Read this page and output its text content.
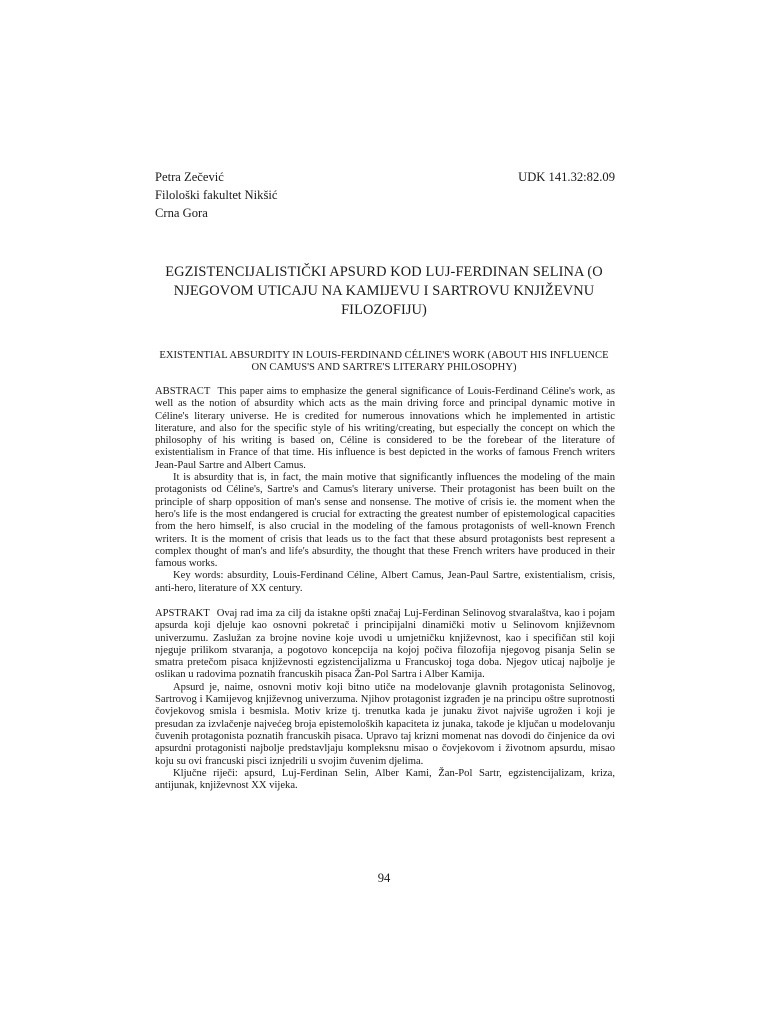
Petra Zečević
Filološki fakultet Nikšić
Crna Gora
UDK 141.32:82.09
EGZISTENCIJALISTIČKI APSURD KOD LUJ-FERDINAN SELINA (O NJEGOVOM UTICAJU NA KAMIJEVU I SARTROVU KNJIŽEVNU FILOZOFIJU)
EXISTENTIAL ABSURDITY IN LOUIS-FERDINAND CÉLINE'S WORK (ABOUT HIS INFLUENCE ON CAMUS'S AND SARTRE'S LITERARY PHILOSOPHY)

ABSTRACT This paper aims to emphasize the general significance of Louis-Ferdinand Céline's work, as well as the notion of absurdity which acts as the main driving force and principal dynamic motive in Céline's literary universe. He is credited for numerous innovations which he implemented in artistic literature, and also for the specific style of his writing/creating, but especially the concept on which the philosophy of his writing is based on, Céline is considered to be the forebear of the literature of existentialism in France of that time. His influence is best depicted in the works of famous French writers Jean-Paul Sartre and Albert Camus.

It is absurdity that is, in fact, the main motive that significantly influences the modeling of the main protagonists od Céline's, Sartre's and Camus's literary universe. Their protagonist has been built on the principle of sharp opposition of man's sense and nonsense. The motive of crisis ie. the moment when the hero's life is the most endangered is crucial for extracting the greatest number of epistemological capacities from the hero himself, is also crucial in the modeling of the famous protagonists of well-known French writers. It is the moment of crisis that leads us to the fact that these absurd protagonists best represent a complex thought of man's and life's absurdity, the thought that these French writers have produced in their famous works.

Key words: absurdity, Louis-Ferdinand Céline, Albert Camus, Jean-Paul Sartre, existentialism, crisis, anti-hero, literature of XX century.

APSTRAKT Ovaj rad ima za cilj da istakne opšti značaj Luj-Ferdinan Selinovog stvaralaštva, kao i pojam apsurda koji djeluje kao osnovni pokretač i principijalni dinamički motiv u Selinovom književnom univerzumu. Zaslužan za brojne novine koje uvodi u umjetničku književnost, kao i specifičan stil koji njeguje prilikom stvaranja, a pogotovo koncepcija na kojoj počiva filozofija njegovog pisanja Selin se smatra pretečom pisaca književnosti egzistencijalizma u Francuskoj toga doba. Njegov uticaj najbolje je oslikan u radovima poznatih francuskih pisaca Žan-Pol Sartra i Alber Kamija.

Apsurd je, naime, osnovni motiv koji bitno utiče na modelovanje glavnih protagonista Selinovog, Sartrovog i Kamijevog književnog univerzuma. Njihov protagonist izgrađen je na principu oštre suprotnosti čovjekovog smisla i besmisla. Motiv krize tj. trenutka kada je junaku život najviše ugrožen i koji je presudan za izvlačenje najvećeg broja epistemoloških kapaciteta iz junaka, takođe je ključan u modelovanju čuvenih protagonista poznatih francuskih pisaca. Upravo taj krizni momenat nas dovodi do činjenice da ovi apsurdni protagonisti najbolje predstavljaju kompleksnu misao o čovjekovom i životnom apsurdu, misao koju su ovi francuski pisci iznjedrili u svojim čuvenim djelima.

Ključne riječi: apsurd, Luj-Ferdinan Selin, Alber Kami, Žan-Pol Sartr, egzistencijalizam, kriza, antijunak, književnost XX vijeka.

94
